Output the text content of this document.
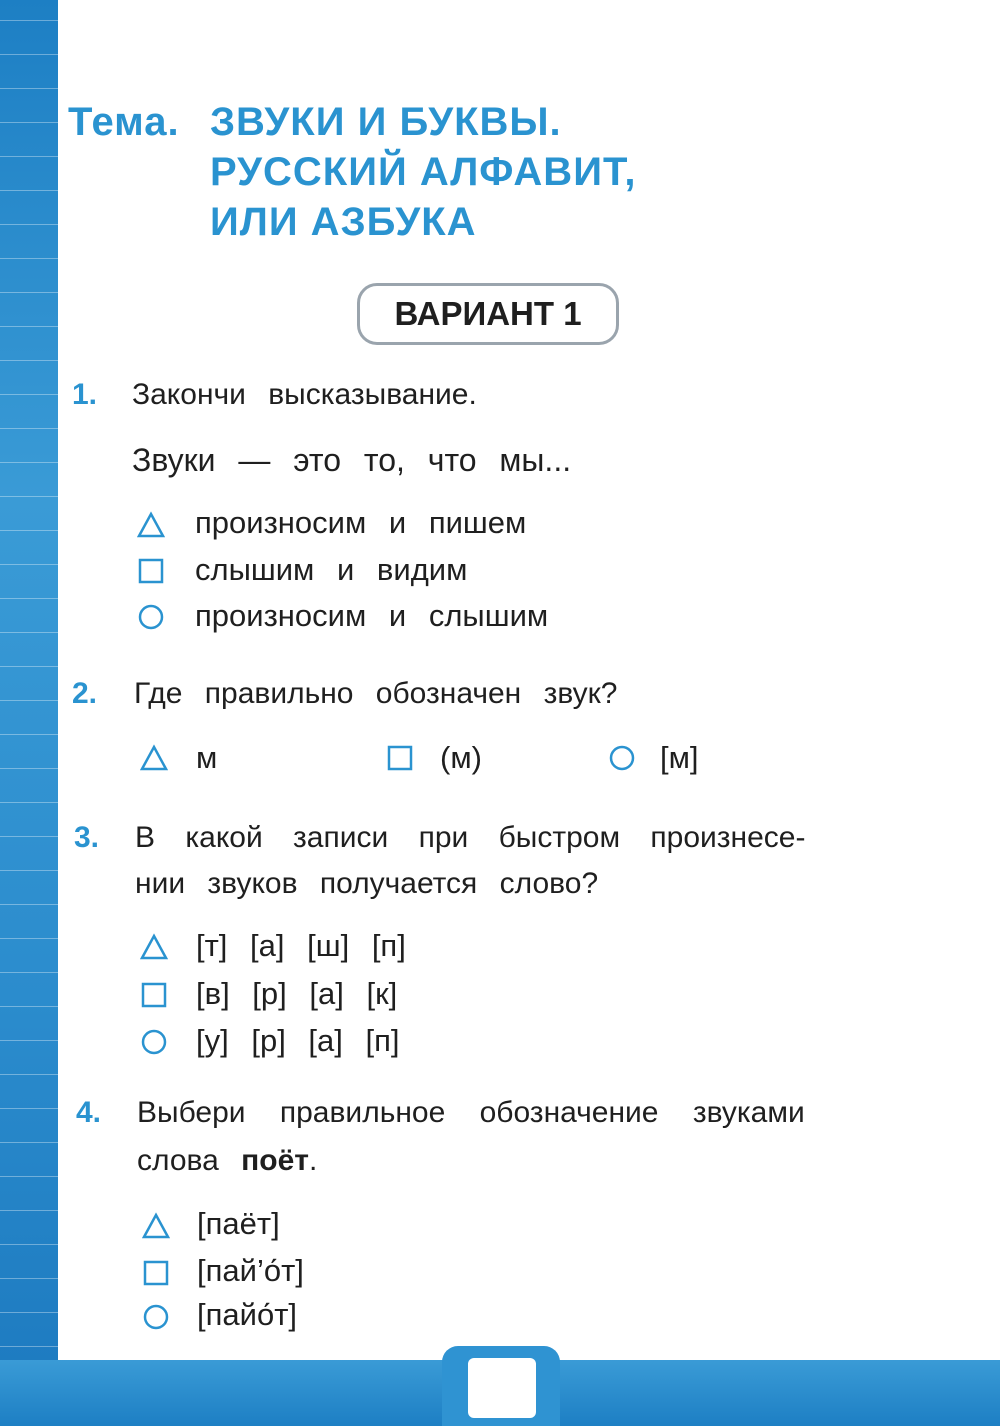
Тема. ЗВУКИ И БУКВЫ.
РУССКИЙ АЛФАВИТ,
ИЛИ АЗБУКА
ВАРИАНТ 1
1. Закончи высказывание.
Звуки — это то, что мы...
произносим и пишем
слышим и видим
произносим и слышим
2. Где правильно обозначен звук?
м	(м)	[м]
3. В какой записи при быстром произнесе-
нии звуков получается слово?
[т] [а] [ш] [п]
[в] [р] [а] [к]
[у] [р] [а] [п]
4. Выбери правильное обозначение звуками
слова поёт.
[паёт]
[пай’о́т]
[пайо́т]
